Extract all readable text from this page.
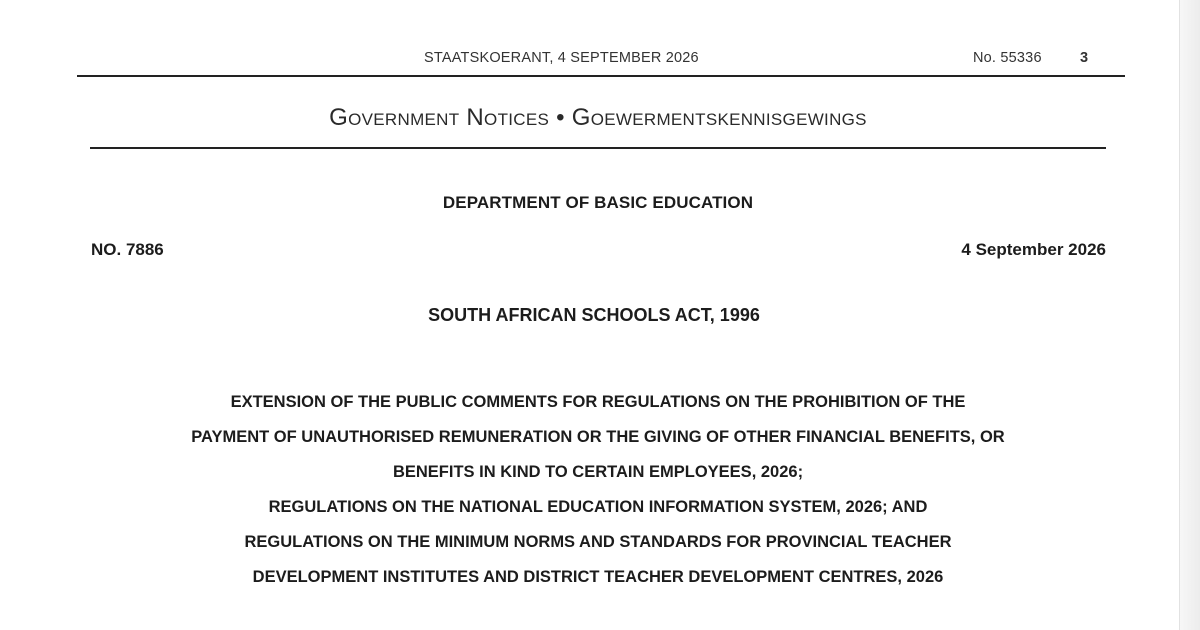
STAATSKOERANT, 4 SEPTEMBER 2026	No. 55336	3
Government Notices • Goewermentskennisgewings
DEPARTMENT OF BASIC EDUCATION
NO. 7886	4 September 2026
SOUTH AFRICAN SCHOOLS ACT, 1996

EXTENSION OF THE PUBLIC COMMENTS FOR REGULATIONS ON THE PROHIBITION OF THE
PAYMENT OF UNAUTHORISED REMUNERATION OR THE GIVING OF OTHER FINANCIAL BENEFITS, OR
BENEFITS IN KIND TO CERTAIN EMPLOYEES, 2026;
REGULATIONS ON THE NATIONAL EDUCATION INFORMATION SYSTEM, 2026; AND
REGULATIONS ON THE MINIMUM NORMS AND STANDARDS FOR PROVINCIAL TEACHER
DEVELOPMENT INSTITUTES AND DISTRICT TEACHER DEVELOPMENT CENTRES, 2026
